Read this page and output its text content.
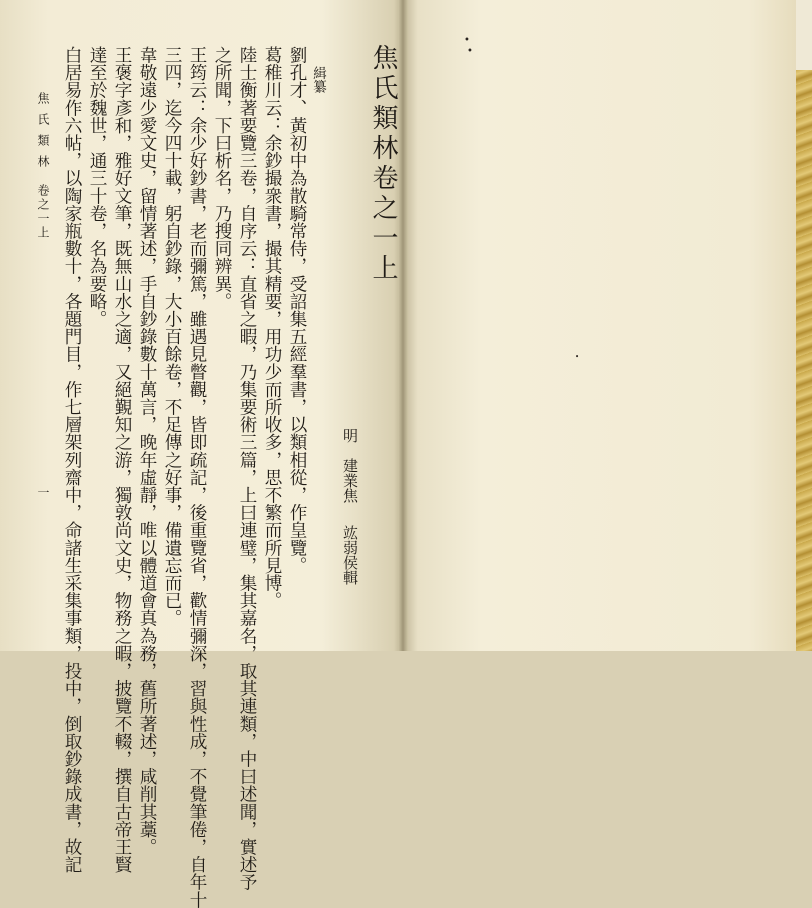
•
•
•
焦氏類林卷之一上
明
建業焦
竑弱侯輯
緝纂
劉孔才、黃初中為散騎常侍，受詔集五經羣書，以類相從，作皇覽。
葛稚川云：余鈔撮衆書，撮其精要，用功少而所收多，思不繁而所見博。
陸士衡著要覽三卷，自序云：直省之暇，乃集要術三篇，上曰連璧，集其嘉名，取其連類，中曰述聞，實述予
之所聞，下曰析名，乃搜同辨異。
王筠云：余少好鈔書，老而彌篤，雖遇見瞥觀，皆即疏記，後重覽省，歡情彌深，習與性成，不覺筆倦，自年十
三四，迄今四十載，躬自鈔錄，大小百餘卷，不足傳之好事，備遺忘而已。
韋敬遠少愛文史，留情著述，手自鈔錄數十萬言，晚年虛靜，唯以體道會真為務，舊所著述，咸削其藁。
王褒字彥和，雅好文筆，既無山水之適，又絕覲知之游，獨敦尚文史，物務之暇，披覽不輟，撰自古帝王賢
達至於魏世，通三十卷，名為要略。
白居易作六帖，以陶家瓶數十，各題門目，作七層架列齋中，命諸生采集事類，投中，倒取鈔錄成書，故記
焦氏類林
卷之一上
一
